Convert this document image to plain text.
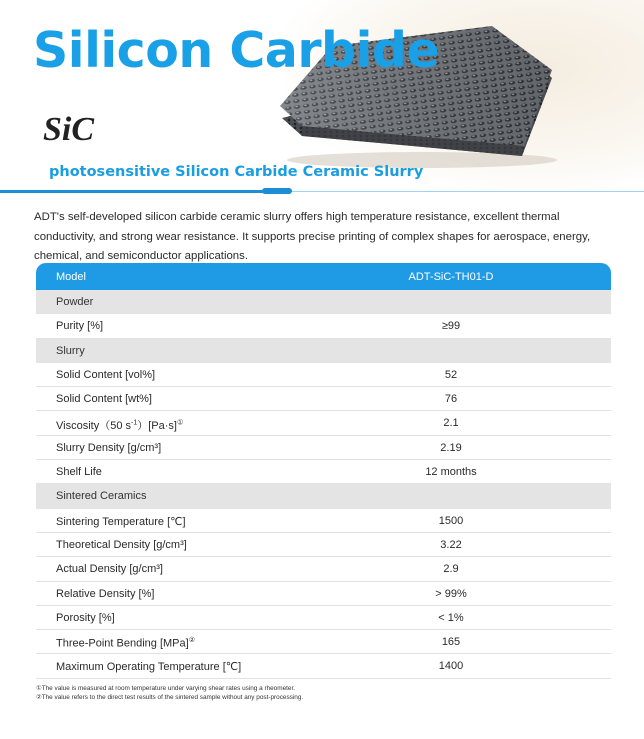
Silicon Carbide
SiC
photosensitive Silicon Carbide Ceramic Slurry

ADT's self-developed silicon carbide ceramic slurry offers high temperature resistance, excellent thermal conductivity, and strong wear resistance. It supports precise printing of complex shapes for aerospace, energy, chemical, and semiconductor applications.

Model	ADT-SiC-TH01-D
Powder
Purity [%]	≥99
Slurry
Solid Content [vol%]	52
Solid Content [wt%]	76
Viscosity（50 $s^{-1})[Pa\cdot s]^①$	2.1
Slurry Density [g/cm³]	2.19
Shelf Life	12 months
Sintered Ceramics
Sintering Temperature [℃]	1500
Theoretical Density [g/cm³]	3.22
Actual Density [g/cm³]	2.9
Relative Density [%]	> 99%
Porosity [%]	< 1%
Three-Point Bending [MPa]②	165
Maximum Operating Temperature [℃]	1400
①The value is measured at room temperature under varying shear rates using a rheometer.
②The value refers to the direct test results of the sintered sample without any post-processing.
